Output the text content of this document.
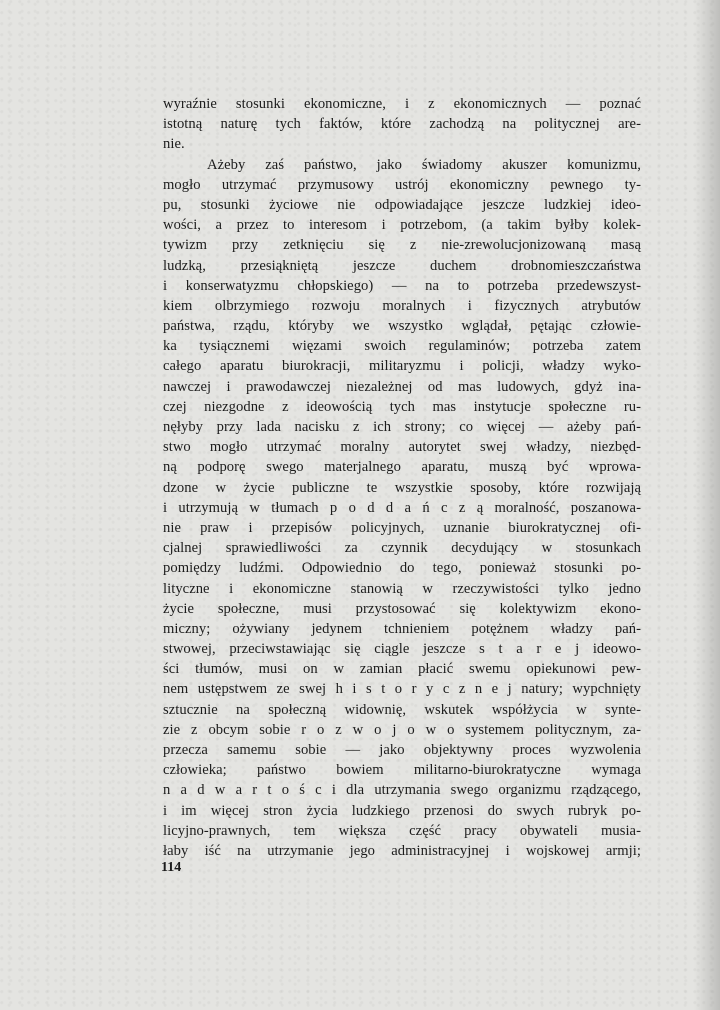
wyraźnie stosunki ekonomiczne, i z ekonomicznych — poznać
istotną naturę tych faktów, które zachodzą na politycznej are-
nie.
Ażeby zaś państwo, jako świadomy akuszer komunizmu,
mogło utrzymać przymusowy ustrój ekonomiczny pewnego ty-
pu, stosunki życiowe nie odpowiadające jeszcze ludzkiej ideo-
wości, a przez to interesom i potrzebom, (a takim byłby kolek-
tywizm przy zetknięciu się z nie-zrewolucjonizowaną masą
ludzką, przesiąkniętą jeszcze duchem drobnomieszczaństwa
i konserwatyzmu chłopskiego) — na to potrzeba przedewszyst-
kiem olbrzymiego rozwoju moralnych i fizycznych atrybutów
państwa, rządu, któryby we wszystko wglądał, pętając człowie-
ka tysiącznemi więzami swoich regulaminów; potrzeba zatem
całego aparatu biurokracji, militaryzmu i policji, władzy wyko-
nawczej i prawodawczej niezależnej od mas ludowych, gdyż ina-
czej niezgodne z ideowością tych mas instytucje społeczne ru-
nęłyby przy lada nacisku z ich strony; co więcej — ażeby pań-
stwo mogło utrzymać moralny autorytet swej władzy, niezbęd-
ną podporę swego materjalnego aparatu, muszą być wprowa-
dzone w życie publiczne te wszystkie sposoby, które rozwijają
i utrzymują w tłumach p o d d a ń c z ą moralność, poszanowa-
nie praw i przepisów policyjnych, uznanie biurokratycznej ofi-
cjalnej sprawiedliwości za czynnik decydujący w stosunkach
pomiędzy ludźmi. Odpowiednio do tego, ponieważ stosunki po-
lityczne i ekonomiczne stanowią w rzeczywistości tylko jedno
życie społeczne, musi przystosować się kolektywizm ekono-
miczny; ożywiany jedynem tchnieniem potężnem władzy pań-
stwowej, przeciwstawiając się ciągle jeszcze s t a r e j ideowo-
ści tłumów, musi on w zamian płacić swemu opiekunowi pew-
nem ustępstwem ze swej h i s t o r y c z n e j natury; wypchnięty
sztucznie na społeczną widownię, wskutek współżycia w synte-
zie z obcym sobie r o z w o j o w o systemem politycznym, za-
przecza samemu sobie — jako objektywny proces wyzwolenia
człowieka; państwo bowiem militarno-biurokratyczne wymaga
n a d w a r t o ś c i dla utrzymania swego organizmu rządzącego,
i im więcej stron życia ludzkiego przenosi do swych rubryk po-
licyjno-prawnych, tem większa część pracy obywateli musia-
łaby iść na utrzymanie jego administracyjnej i wojskowej armji;
114
